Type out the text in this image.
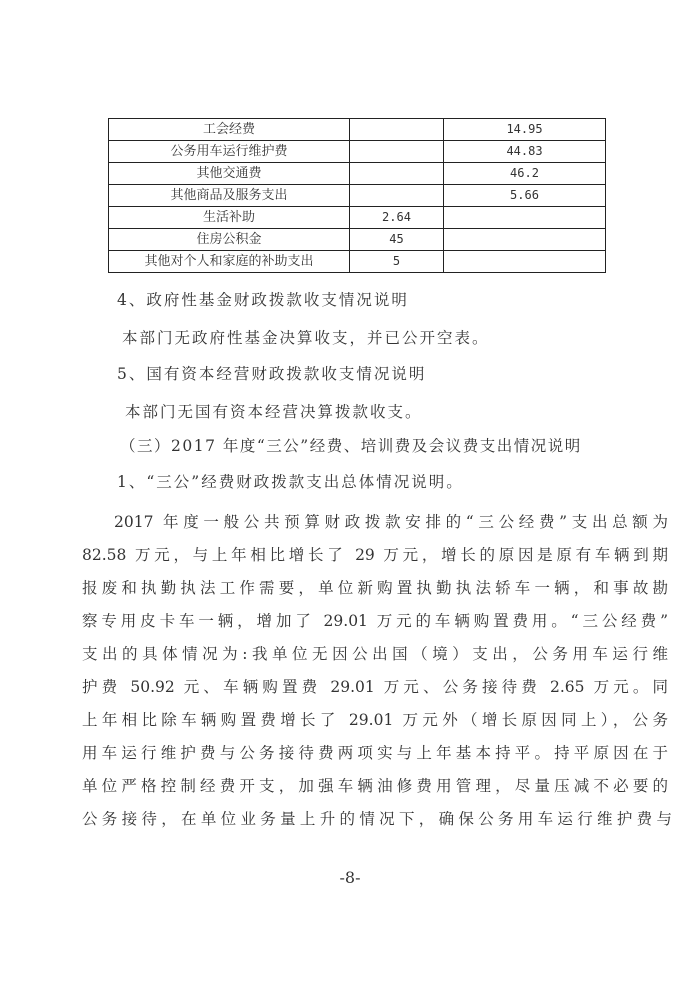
工会经费		14.95
公务用车运行维护费		44.83
其他交通费		46.2
其他商品及服务支出		5.66
生活补助	2.64	
住房公积金	45	
其他对个人和家庭的补助支出	5	
4、政府性基金财政拨款收支情况说明
本部门无政府性基金决算收支，并已公开空表。
5、国有资本经营财政拨款收支情况说明
本部门无国有资本经营决算拨款收支。
（三）2017 年度“三公”经费、培训费及会议费支出情况说明
1、“三公”经费财政拨款支出总体情况说明。
2017 年度一般公共预算财政拨款安排的“三公经费”支出总额为
82.58 万元，与上年相比增长了 29 万元，增长的原因是原有车辆到期
报废和执勤执法工作需要，单位新购置执勤执法轿车一辆，和事故勘
察专用皮卡车一辆，增加了 29.01 万元的车辆购置费用。“三公经费”
支出的具体情况为:我单位无因公出国（境）支出，公务用车运行维
护费 50.92 元、车辆购置费 29.01 万元、公务接待费 2.65 万元。同
上年相比除车辆购置费增长了 29.01 万元外（增长原因同上），公务
用车运行维护费与公务接待费两项实与上年基本持平。持平原因在于
单位严格控制经费开支，加强车辆油修费用管理，尽量压减不必要的
公务接待，在单位业务量上升的情况下，确保公务用车运行维护费与
-8-
